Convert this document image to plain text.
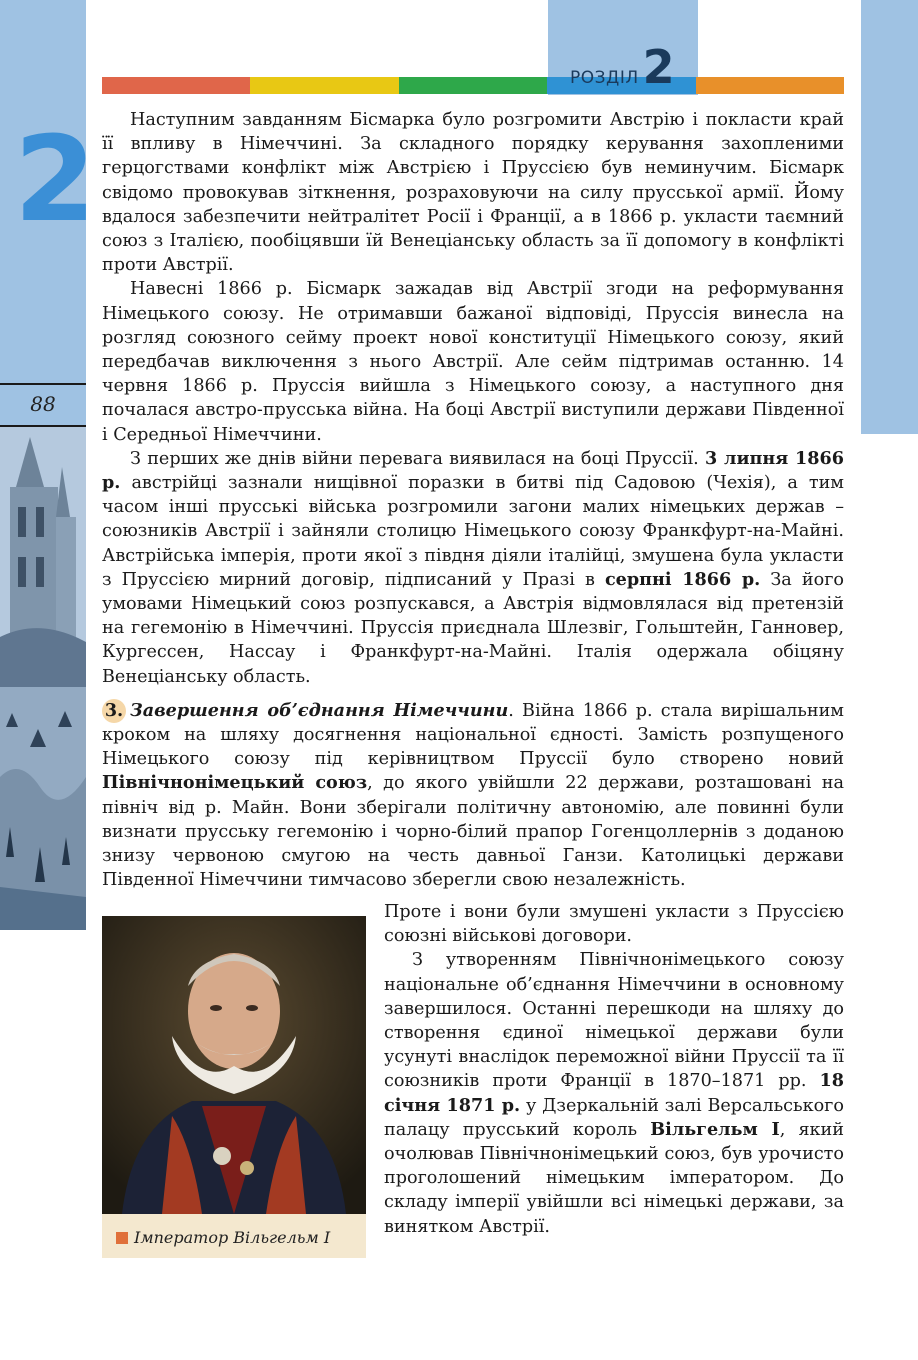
2
88
РОЗДІЛ2

Наступним завданням Бісмарка було розгромити Австрію і покласти край її впливу в Німеччині. За складного порядку керування захопленими герцогствами конфлікт між Австрією і Пруссією був неминучим. Бісмарк свідомо провокував зіткнення, розраховуючи на силу прусської армії. Йому вдалося забезпечити нейтралітет Росії і Франції, а в 1866 р. укласти таємний союз з Італією, пообіцявши їй Венеціанську область за її допомогу в конфлікті проти Австрії.

Навесні 1866 р. Бісмарк зажадав від Австрії згоди на реформування Німецького союзу. Не отримавши бажаної відповіді, Пруссія винесла на розгляд союзного сейму проект нової конституції Німецького союзу, який передбачав виключення з нього Австрії. Але сейм підтримав останню. 14 червня 1866 р. Пруссія вийшла з Німецького союзу, а наступного дня почалася австро-прусська війна. На боці Австрії виступили держави Південної і Середньої Німеччини.

З перших же днів війни перевага виявилася на боці Пруссії. 3 липня 1866 р. австрійці зазнали нищівної поразки в битві під Садовою (Чехія), а тим часом інші прусські війська розгромили загони малих німецьких держав – союзників Австрії і зайняли столицю Німецького союзу Франкфурт-на-Майні. Австрійська імперія, проти якої з півдня діяли італійці, змушена була укласти з Пруссією мирний договір, підписаний у Празі в серпні 1866 р. За його умовами Німецький союз розпускався, а Австрія відмовлялася від претензій на гегемонію в Німеччині. Пруссія приєднала Шлезвіг, Гольштейн, Ганновер, Кургессен, Нассау і Франкфурт-на-Майні. Італія одержала обіцяну Венеціанську область.

3. Завершення об’єднання Німеччини. Війна 1866 р. стала вирішальним кроком на шляху досягнення національної єдності. Замість розпущеного Німецького союзу під керівництвом Пруссії було створено новий Північнонімецький союз, до якого увійшли 22 держави, розташовані на північ від р. Майн. Вони зберігали політичну автономію, але повинні були визнати прусську гегемонію і чорно-білий прапор Гогенцоллернів з доданою знизу червоною смугою на честь давньої Ганзи. Католицькі держави Південної Німеччини тимчасово зберегли свою незалежність.

Імператор Вільгельм І

Проте і вони були змушені укласти з Пруссією союзні військові договори.

З утворенням Північнонімецького союзу національне об’єднання Німеччини в основному завершилося. Останні перешкоди на шляху до створення єдиної німецької держави були усунуті внаслідок переможної війни Пруссії та її союзників проти Франції в 1870–1871 рр. 18 січня 1871 р. у Дзеркальній залі Версальського палацу прусський король Вільгельм І, який очолював Північнонімецький союз, був урочисто проголошений німецьким імператором. До складу імперії увійшли всі німецькі держави, за винятком Австрії.
